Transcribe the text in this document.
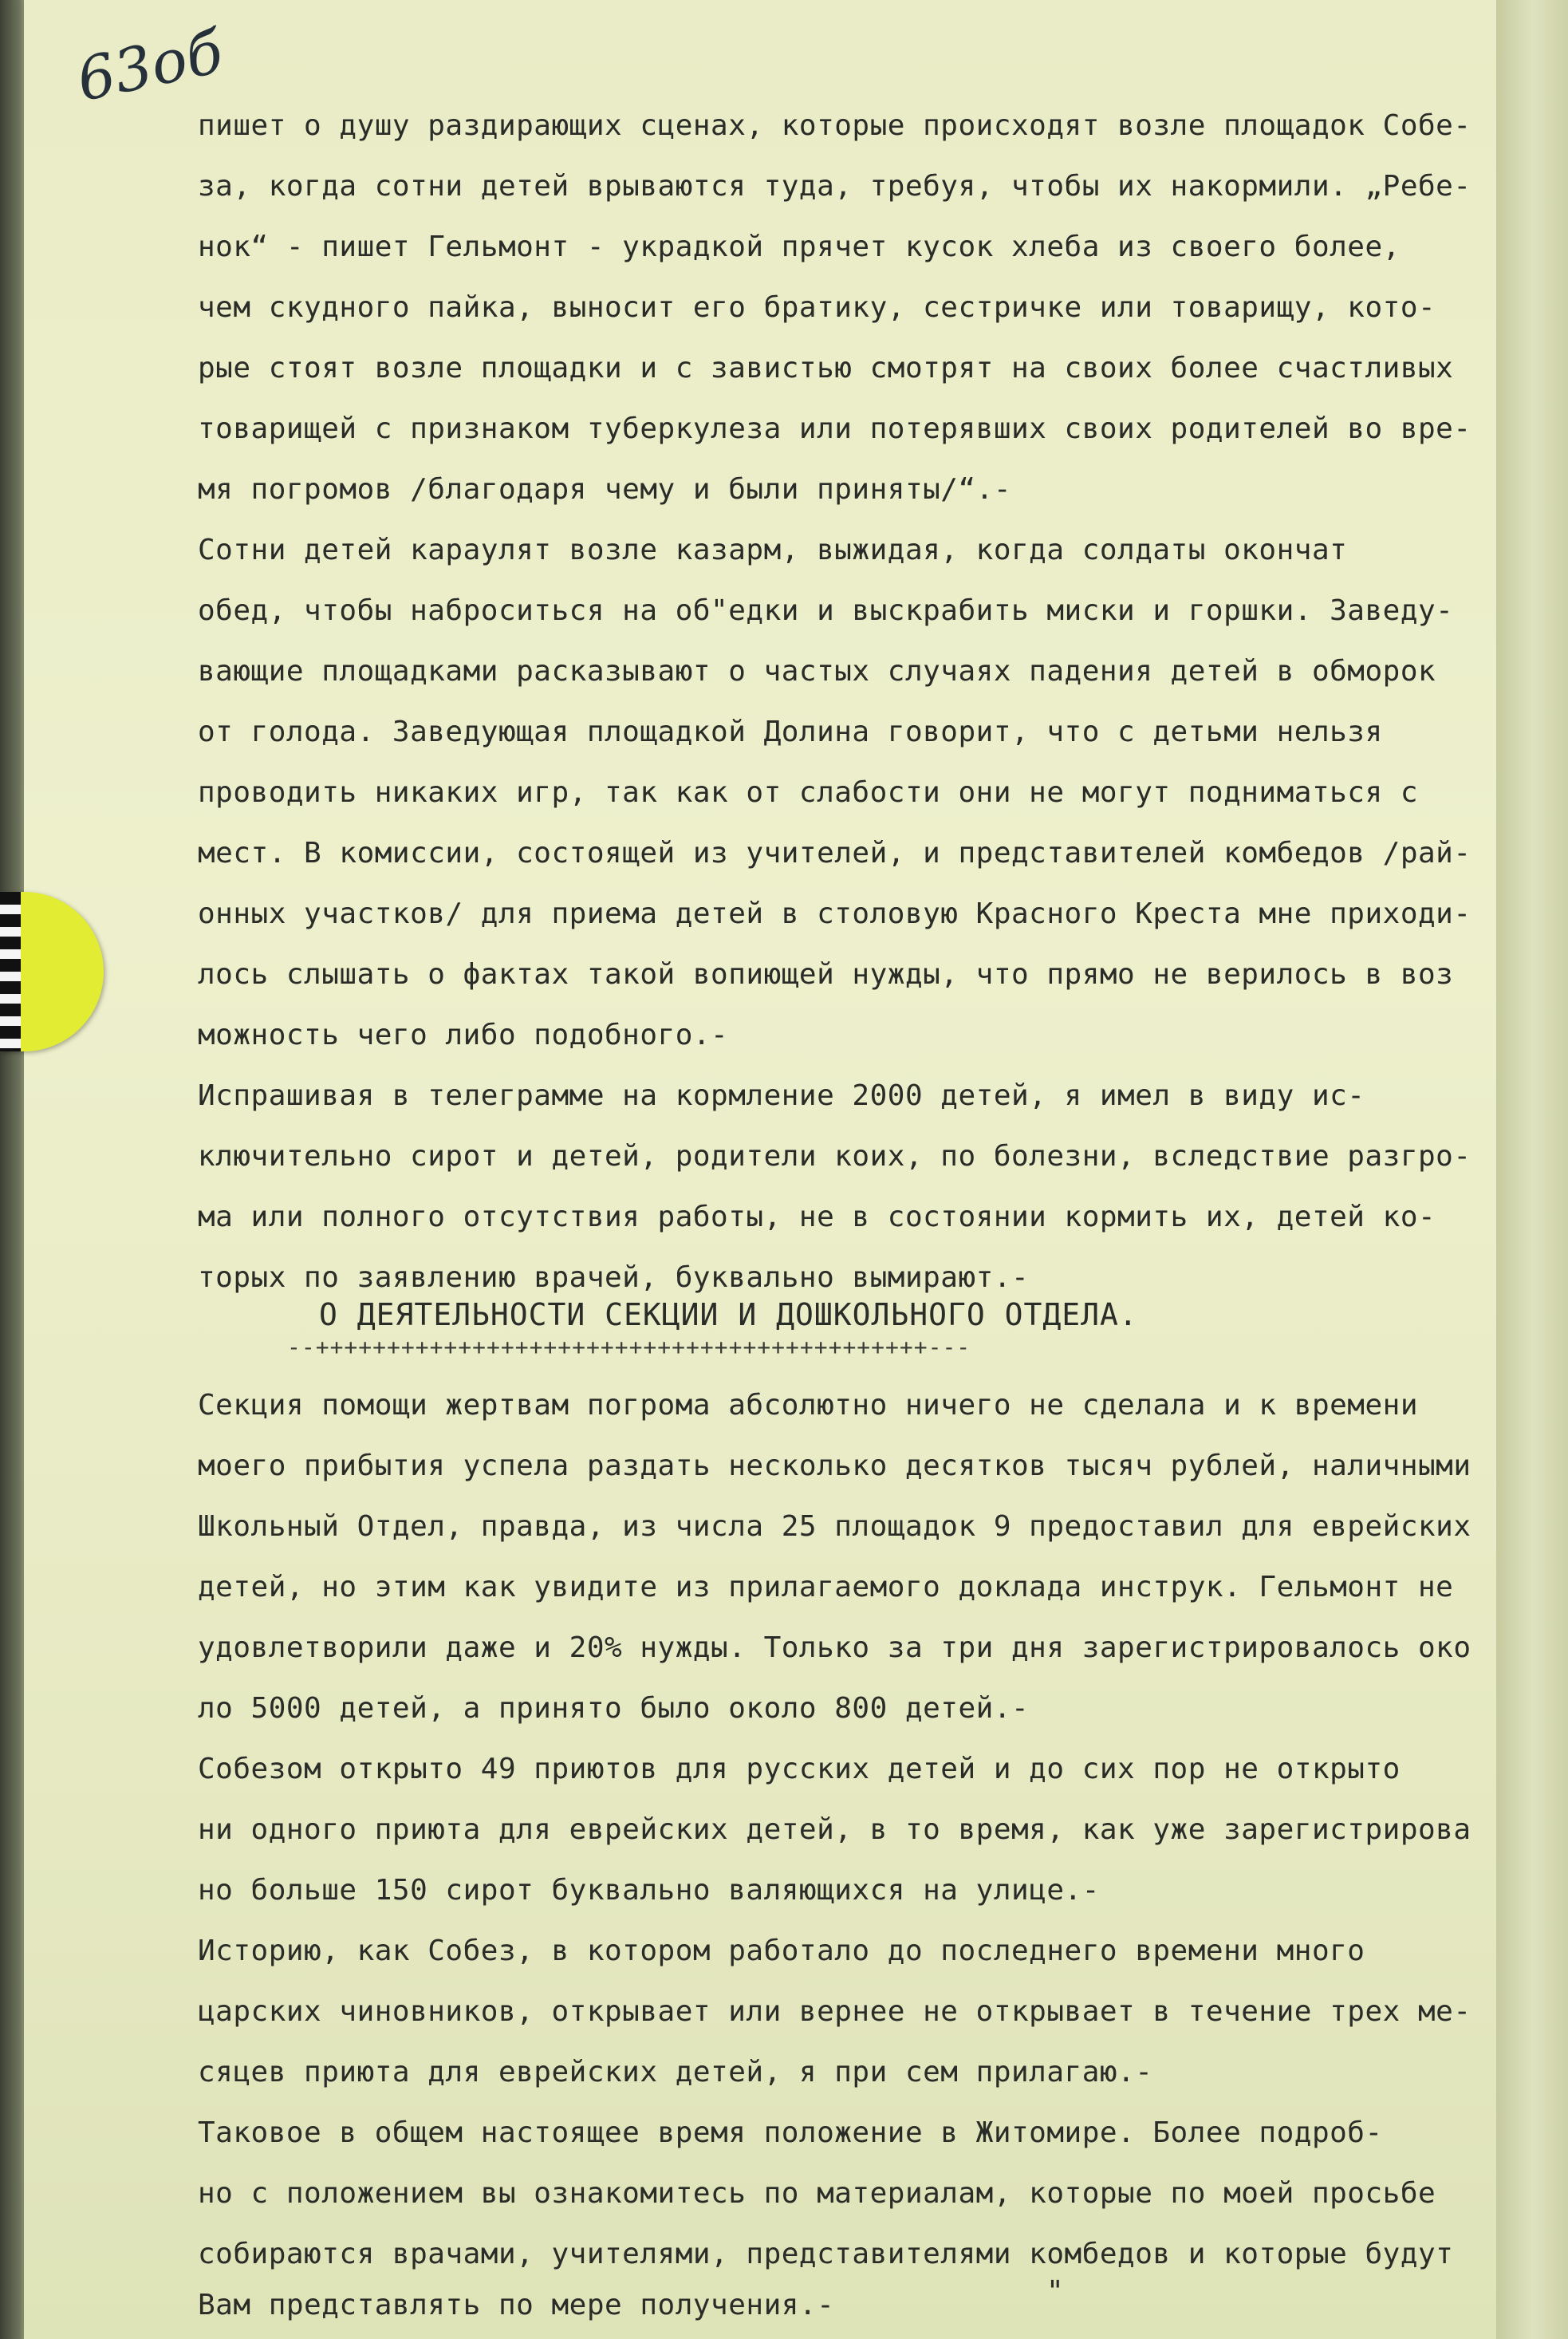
63об
пишет о душу раздирающих сценах, которые происходят возле площадок Собе-
за, когда сотни детей врываются туда, требуя, чтобы их накормили. „Ребе-
нок“ - пишет Гельмонт - украдкой прячет кусок хлеба из своего более,
чем скудного пайка, выносит его братику, сестричке или товарищу, кото-
рые стоят возле площадки и с завистью смотрят на своих более счастливых
товарищей с признаком туберкулеза или потерявших своих родителей во вре-
мя погромов /благодаря чему и были приняты/“.-
Сотни детей караулят возле казарм, выжидая, когда солдаты окончат
обед, чтобы наброситься на об"едки и выскрабить миски и горшки. Заведу-
вающие площадками расказывают о частых случаях падения детей в обморок
от голода. Заведующая площадкой Долина говорит, что с детьми нельзя
проводить никаких игр, так как от слабости они не могут подниматься с
мест. В комиссии, состоящей из учителей, и представителей комбедов /рай-
онных участков/ для приема детей в столовую Красного Креста мне приходи-
лось слышать о фактах такой вопиющей нужды, что прямо не верилось в воз
можность чего либо подобного.-
Испрашивая в телеграмме на кормление 2000 детей, я имел в виду ис-
ключительно сирот и детей, родители коих, по болезни, вследствие разгро-
ма или полного отсутствия работы, не в состоянии кормить их, детей ко-
торых по заявлению врачей, буквально вымирают.-
О ДЕЯТЕЛЬНОСТИ СЕКЦИИ И ДОШКОЛЬНОГО ОТДЕЛА.
--+++++++++++++++++++++++++++++++++++++++++++---
Секция помощи жертвам погрома абсолютно ничего не сделала и к времени
моего прибытия успела раздать несколько десятков тысяч рублей, наличными
Школьный Отдел, правда, из числа 25 площадок 9 предоставил для еврейских
детей, но этим как увидите из прилагаемого доклада инструк. Гельмонт не
удовлетворили даже и 20% нужды. Только за три дня зарегистрировалось око
ло 5000 детей, а принято было около 800 детей.-
Собезом открыто 49 приютов для русских детей и до сих пор не открыто
ни одного приюта для еврейских детей, в то время, как уже зарегистрирова
но больше 150 сирот буквально валяющихся на улице.-
Историю, как Собез, в котором работало до последнего времени много
царских чиновников, открывает или вернее не открывает в течение трех ме-
сяцев приюта для еврейских детей, я при сем прилагаю.-
Таковое в общем настоящее время положение в Житомире. Более подроб-
но с положением вы ознакомитесь по материалам, которые по моей просьбе
собираются врачами, учителями, представителями комбедов и которые будут
Вам представлять по мере получения.-	"
